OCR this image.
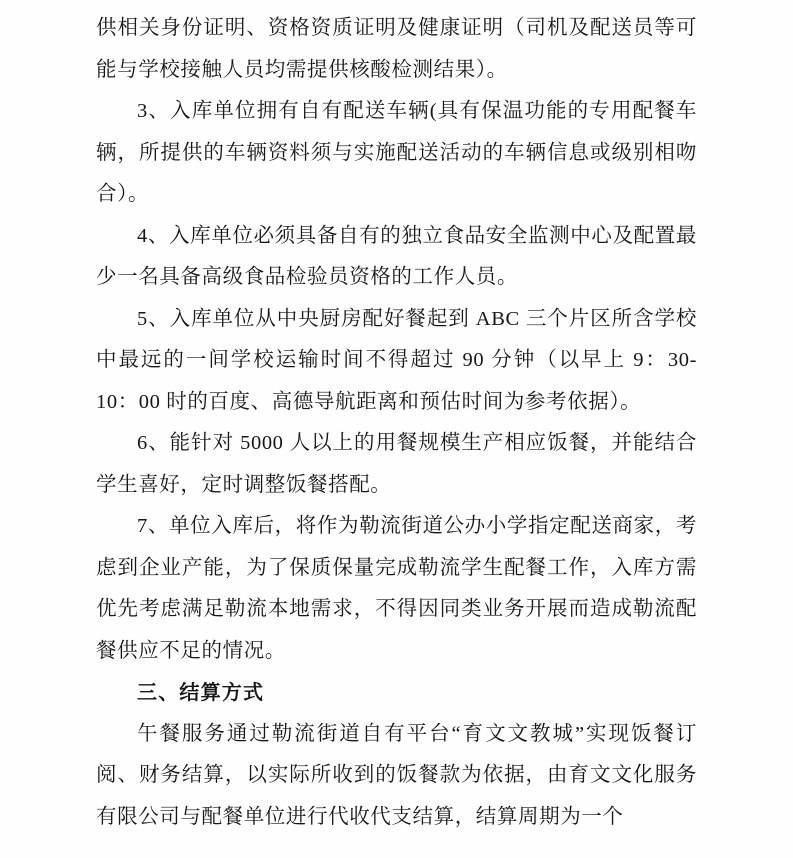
供相关身份证明、资格资质证明及健康证明（司机及配送员等可能与学校接触人员均需提供核酸检测结果）。

3、入库单位拥有自有配送车辆(具有保温功能的专用配餐车辆，所提供的车辆资料须与实施配送活动的车辆信息或级别相吻合）。

4、入库单位必须具备自有的独立食品安全监测中心及配置最少一名具备高级食品检验员资格的工作人员。

5、入库单位从中央厨房配好餐起到 ABC 三个片区所含学校中最远的一间学校运输时间不得超过 90 分钟（以早上 9：30-10：00 时的百度、高德导航距离和预估时间为参考依据）。

6、能针对 5000 人以上的用餐规模生产相应饭餐，并能结合学生喜好，定时调整饭餐搭配。

7、单位入库后，将作为勒流街道公办小学指定配送商家，考虑到企业产能，为了保质保量完成勒流学生配餐工作，入库方需优先考虑满足勒流本地需求，不得因同类业务开展而造成勒流配餐供应不足的情况。

三、结算方式

午餐服务通过勒流街道自有平台“育文文教城”实现饭餐订阅、财务结算，以实际所收到的饭餐款为依据，由育文文化服务有限公司与配餐单位进行代收代支结算，结算周期为一个
